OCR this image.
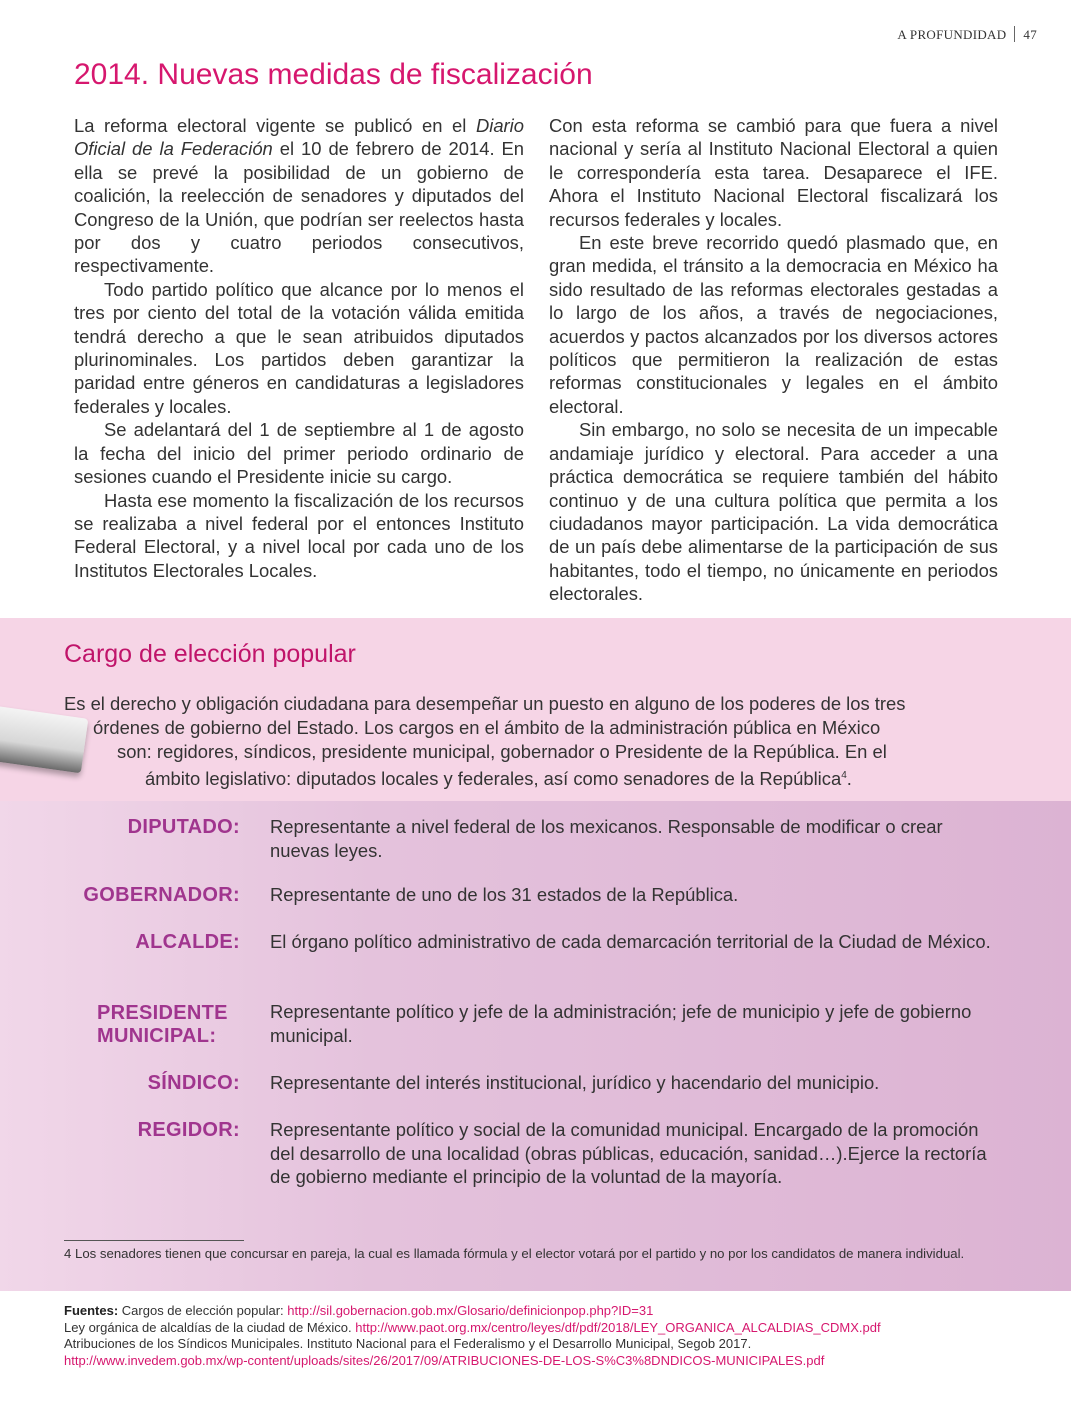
A PROFUNDIDAD 47
2014. Nuevas medidas de fiscalización

La reforma electoral vigente se publicó en el Diario Oficial de la Federación el 10 de febrero de 2014. En ella se prevé la posibilidad de un gobierno de coalición, la reelección de senadores y diputados del Congreso de la Unión, que podrían ser reelectos hasta por dos y cuatro periodos consecutivos, respectivamente.

Todo partido político que alcance por lo menos el tres por ciento del total de la votación válida emitida tendrá derecho a que le sean atribuidos diputados plurinominales. Los partidos deben garantizar la paridad entre géneros en candidaturas a legisladores federales y locales.

Se adelantará del 1 de septiembre al 1 de agosto la fecha del inicio del primer periodo ordinario de sesiones cuando el Presidente inicie su cargo.

Hasta ese momento la fiscalización de los recursos se realizaba a nivel federal por el entonces Instituto Federal Electoral, y a nivel local por cada uno de los Institutos Electorales Locales.

Con esta reforma se cambió para que fuera a nivel nacional y sería al Instituto Nacional Electoral a quien le correspondería esta tarea. Desaparece el IFE. Ahora el Instituto Nacional Electoral fiscalizará los recursos federales y locales.

En este breve recorrido quedó plasmado que, en gran medida, el tránsito a la democracia en México ha sido resultado de las reformas electorales gestadas a lo largo de los años, a través de negociaciones, acuerdos y pactos alcanzados por los diversos actores políticos que permitieron la realización de estas reformas constitucionales y legales en el ámbito electoral.

Sin embargo, no solo se necesita de un impecable andamiaje jurídico y electoral. Para acceder a una práctica democrática se requiere también del hábito continuo y de una cultura política que permita a los ciudadanos mayor participación. La vida democrática de un país debe alimentarse de la participación de sus habitantes, todo el tiempo, no únicamente en periodos electorales.

Cargo de elección popular
Es el derecho y obligación ciudadana para desempeñar un puesto en alguno de los poderes de los tres
órdenes de gobierno del Estado. Los cargos en el ámbito de la administración pública en México
son: regidores, síndicos, presidente municipal, gobernador o Presidente de la República. En el
ámbito legislativo: diputados locales y federales, así como senadores de la República$^4$.
DIPUTADO: Representante a nivel federal de los mexicanos. Responsable de modificar o crear nuevas leyes.
GOBERNADOR: Representante de uno de los 31 estados de la República.
ALCALDE: El órgano político administrativo de cada demarcación territorial de la Ciudad de México.
PRESIDENTE
MUNICIPAL:
Representante político y jefe de la administración; jefe de municipio y jefe de gobierno municipal.
SÍNDICO: Representante del interés institucional, jurídico y hacendario del municipio.
REGIDOR: Representante político y social de la comunidad municipal. Encargado de la promoción del desarrollo de una localidad (obras públicas, educación, sanidad…).Ejerce la rectoría de gobierno mediante el principio de la voluntad de la mayoría.
4 Los senadores tienen que concursar en pareja, la cual es llamada fórmula y el elector votará por el partido y no por los candidatos de manera individual.
Fuentes: Cargos de elección popular: http://sil.gobernacion.gob.mx/Glosario/definicionpop.php?ID=31
Ley orgánica de alcaldías de la ciudad de México. http://www.paot.org.mx/centro/leyes/df/pdf/2018/LEY_ORGANICA_ALCALDIAS_CDMX.pdf
Atribuciones de los Síndicos Municipales. Instituto Nacional para el Federalismo y el Desarrollo Municipal, Segob 2017.
http://www.invedem.gob.mx/wp-content/uploads/sites/26/2017/09/ATRIBUCIONES-DE-LOS-S%C3%8DNDICOS-MUNICIPALES.pdf
